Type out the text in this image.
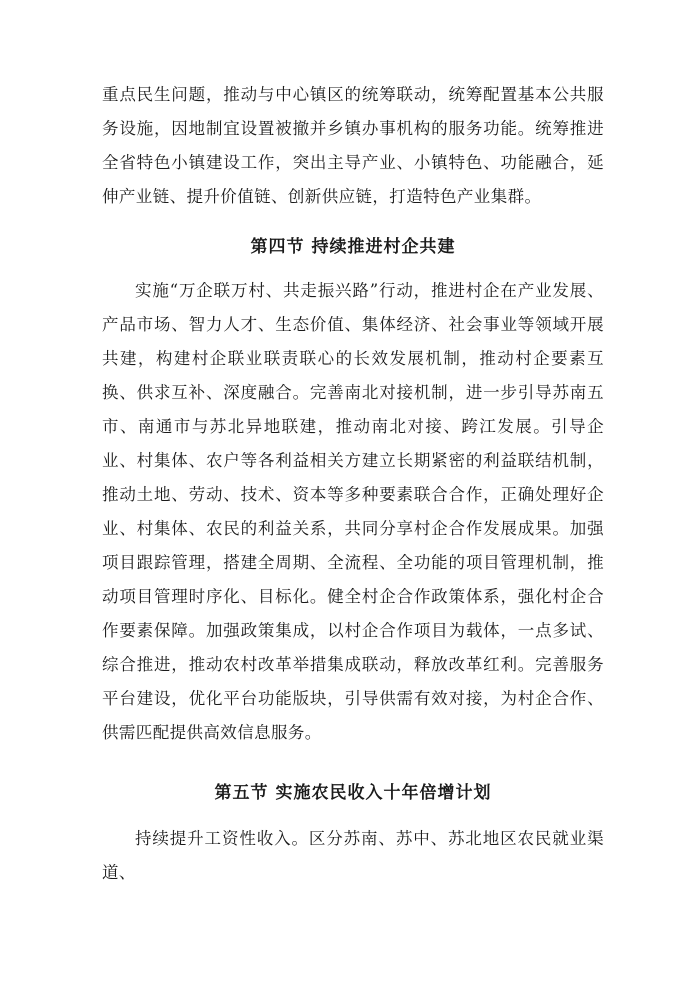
重点民生问题，推动与中心镇区的统筹联动，统筹配置基本公共服务设施，因地制宜设置被撤并乡镇办事机构的服务功能。统筹推进全省特色小镇建设工作，突出主导产业、小镇特色、功能融合，延伸产业链、提升价值链、创新供应链，打造特色产业集群。

第四节 持续推进村企共建

实施“万企联万村、共走振兴路”行动，推进村企在产业发展、产品市场、智力人才、生态价值、集体经济、社会事业等领域开展共建，构建村企联业联责联心的长效发展机制，推动村企要素互换、供求互补、深度融合。完善南北对接机制，进一步引导苏南五市、南通市与苏北异地联建，推动南北对接、跨江发展。引导企业、村集体、农户等各利益相关方建立长期紧密的利益联结机制，推动土地、劳动、技术、资本等多种要素联合合作，正确处理好企业、村集体、农民的利益关系，共同分享村企合作发展成果。加强项目跟踪管理，搭建全周期、全流程、全功能的项目管理机制，推动项目管理时序化、目标化。健全村企合作政策体系，强化村企合作要素保障。加强政策集成，以村企合作项目为载体，一点多试、综合推进，推动农村改革举措集成联动，释放改革红利。完善服务平台建设，优化平台功能版块，引导供需有效对接，为村企合作、供需匹配提供高效信息服务。

第五节 实施农民收入十年倍增计划

持续提升工资性收入。区分苏南、苏中、苏北地区农民就业渠道、
